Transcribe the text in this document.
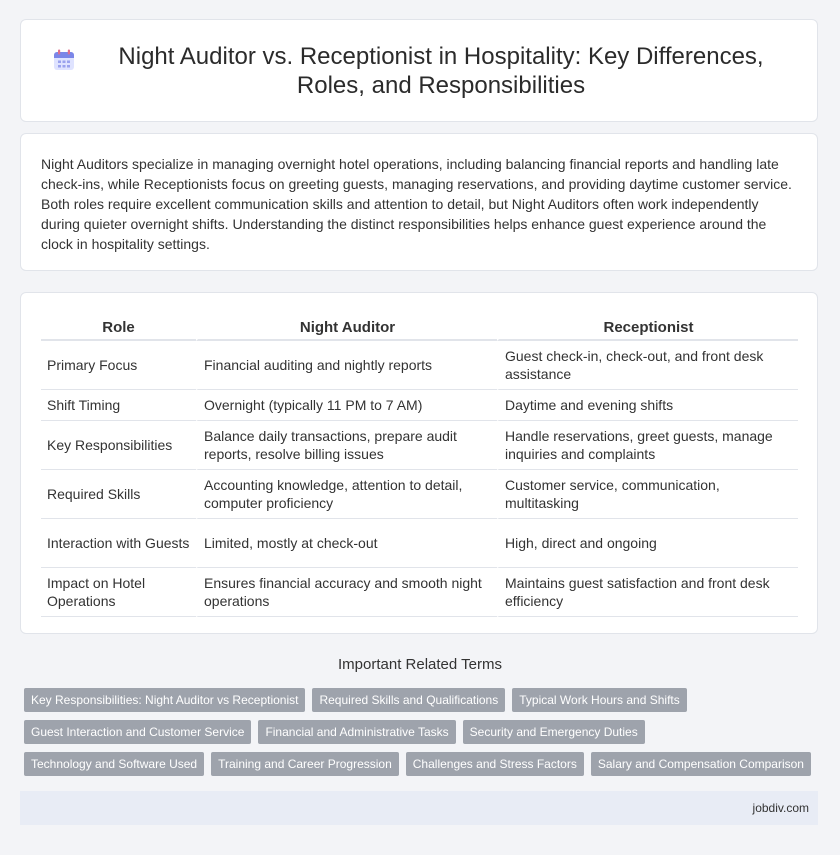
Night Auditor vs. Receptionist in Hospitality: Key Differences, Roles, and Responsibilities

Night Auditors specialize in managing overnight hotel operations, including balancing financial reports and handling late check-ins, while Receptionists focus on greeting guests, managing reservations, and providing daytime customer service. Both roles require excellent communication skills and attention to detail, but Night Auditors often work independently during quieter overnight shifts. Understanding the distinct responsibilities helps enhance guest experience around the clock in hospitality settings.

Role	Night Auditor	Receptionist
Primary Focus	Financial auditing and nightly reports	Guest check-in, check-out, and front desk assistance
Shift Timing	Overnight (typically 11 PM to 7 AM)	Daytime and evening shifts
Key Responsibilities	Balance daily transactions, prepare audit reports, resolve billing issues	Handle reservations, greet guests, manage inquiries and complaints
Required Skills	Accounting knowledge, attention to detail, computer proficiency	Customer service, communication, multitasking
Interaction with Guests	Limited, mostly at check-out	High, direct and ongoing
Impact on Hotel Operations	Ensures financial accuracy and smooth night operations	Maintains guest satisfaction and front desk efficiency
Important Related Terms
Key Responsibilities: Night Auditor vs Receptionist	Required Skills and Qualifications	Typical Work Hours and Shifts
Guest Interaction and Customer Service	Financial and Administrative Tasks	Security and Emergency Duties
Technology and Software Used	Training and Career Progression	Challenges and Stress Factors	Salary and Compensation Comparison
jobdiv.com
